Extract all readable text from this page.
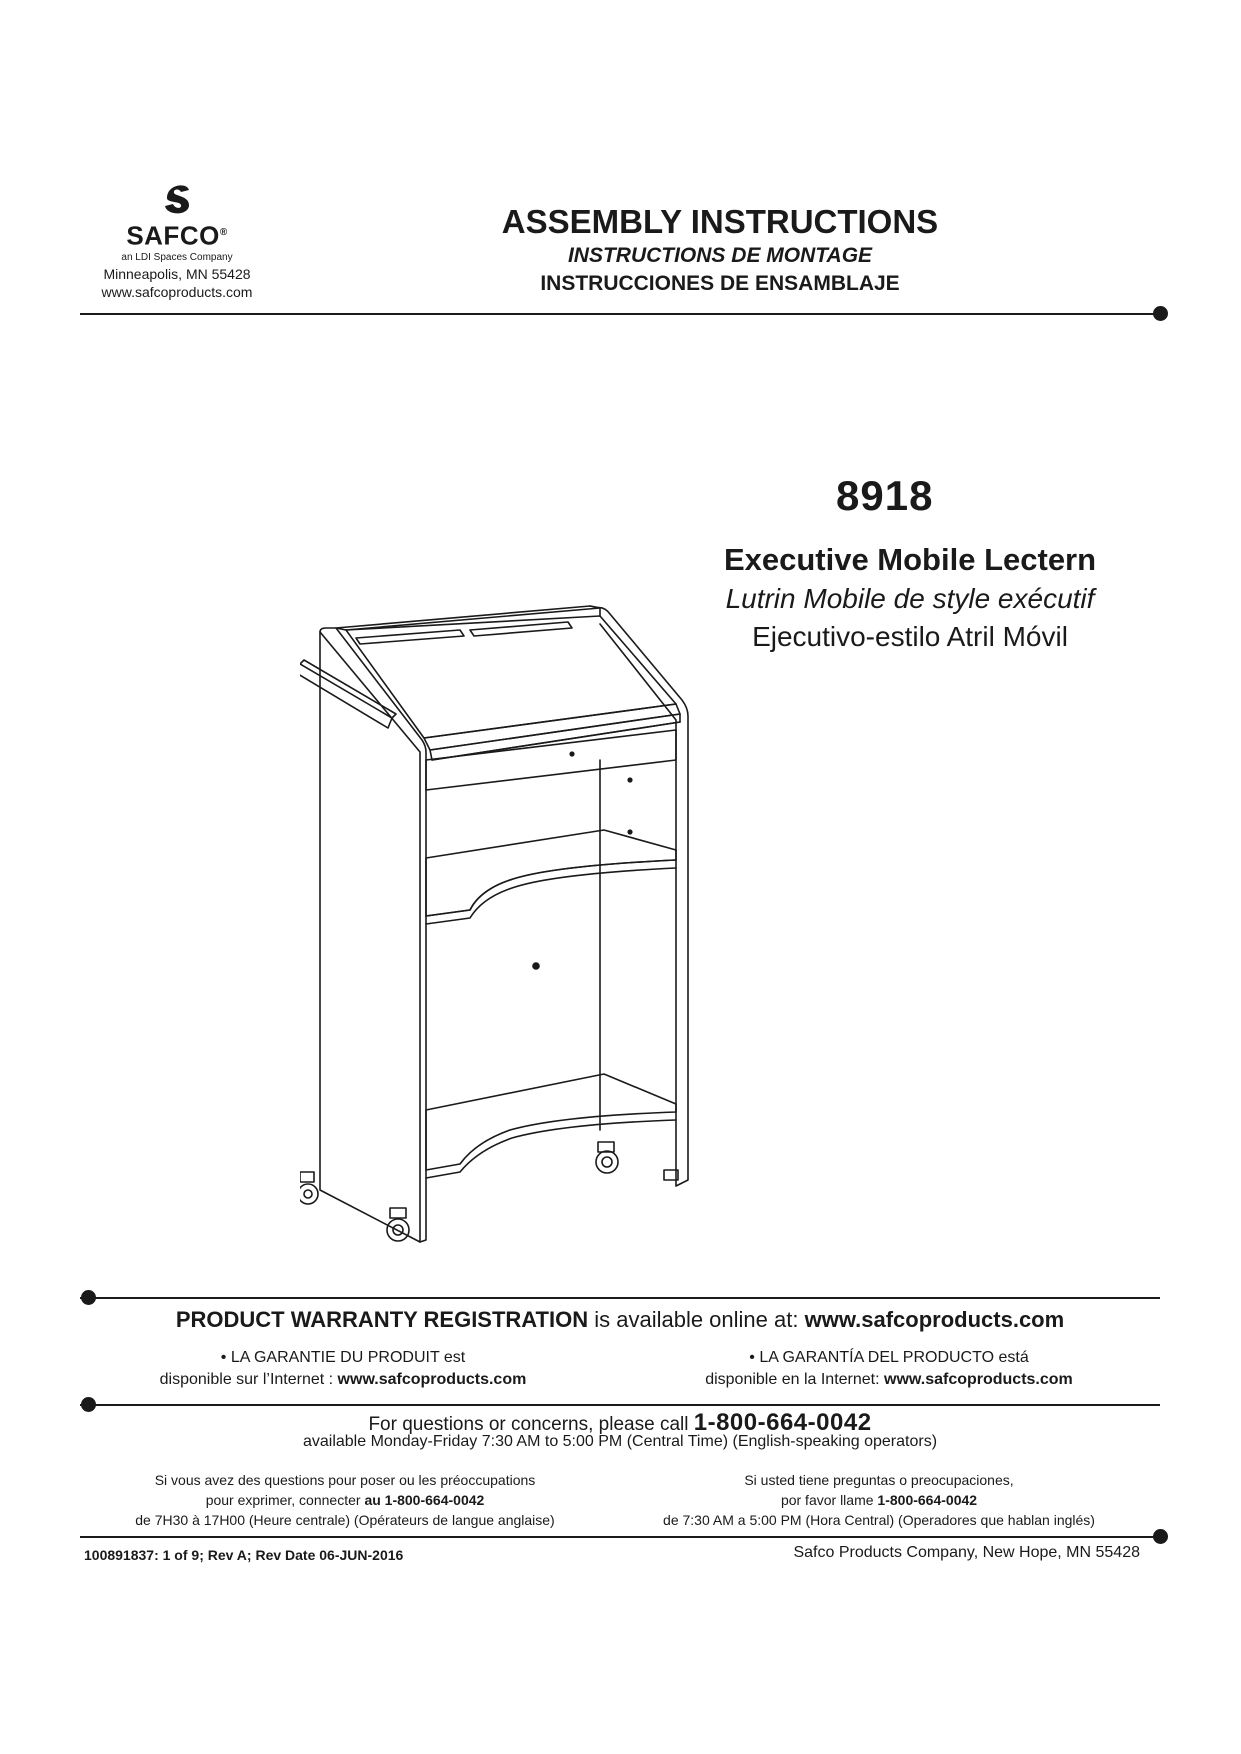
SAFCO®
an LDI Spaces Company
Minneapolis, MN 55428
www.safcoproducts.com
ASSEMBLY INSTRUCTIONS
INSTRUCTIONS DE MONTAGE
INSTRUCCIONES DE ENSAMBLAJE
8918
Executive Mobile Lectern
Lutrin Mobile de style exécutif
Ejecutivo-estilo Atril Móvil
PRODUCT WARRANTY REGISTRATION is available online at: www.safcoproducts.com
• LA GARANTIE DU PRODUIT est
disponible sur l’Internet : www.safcoproducts.com
• LA GARANTÍA DEL PRODUCTO está
disponible en la Internet: www.safcoproducts.com
For questions or concerns, please call 1-800-664-0042
available Monday-Friday 7:30 AM to 5:00 PM (Central Time) (English-speaking operators)
Si vous avez des questions pour poser ou les préoccupations
pour exprimer, connecter au 1-800-664-0042
de 7H30 à 17H00 (Heure centrale) (Opérateurs de langue anglaise)
Si usted tiene preguntas o preocupaciones,
por favor llame 1-800-664-0042
de 7:30 AM a 5:00 PM (Hora Central) (Operadores que hablan inglés)
100891837: 1 of 9; Rev A; Rev Date 06-JUN-2016	Safco Products Company, New Hope, MN 55428
